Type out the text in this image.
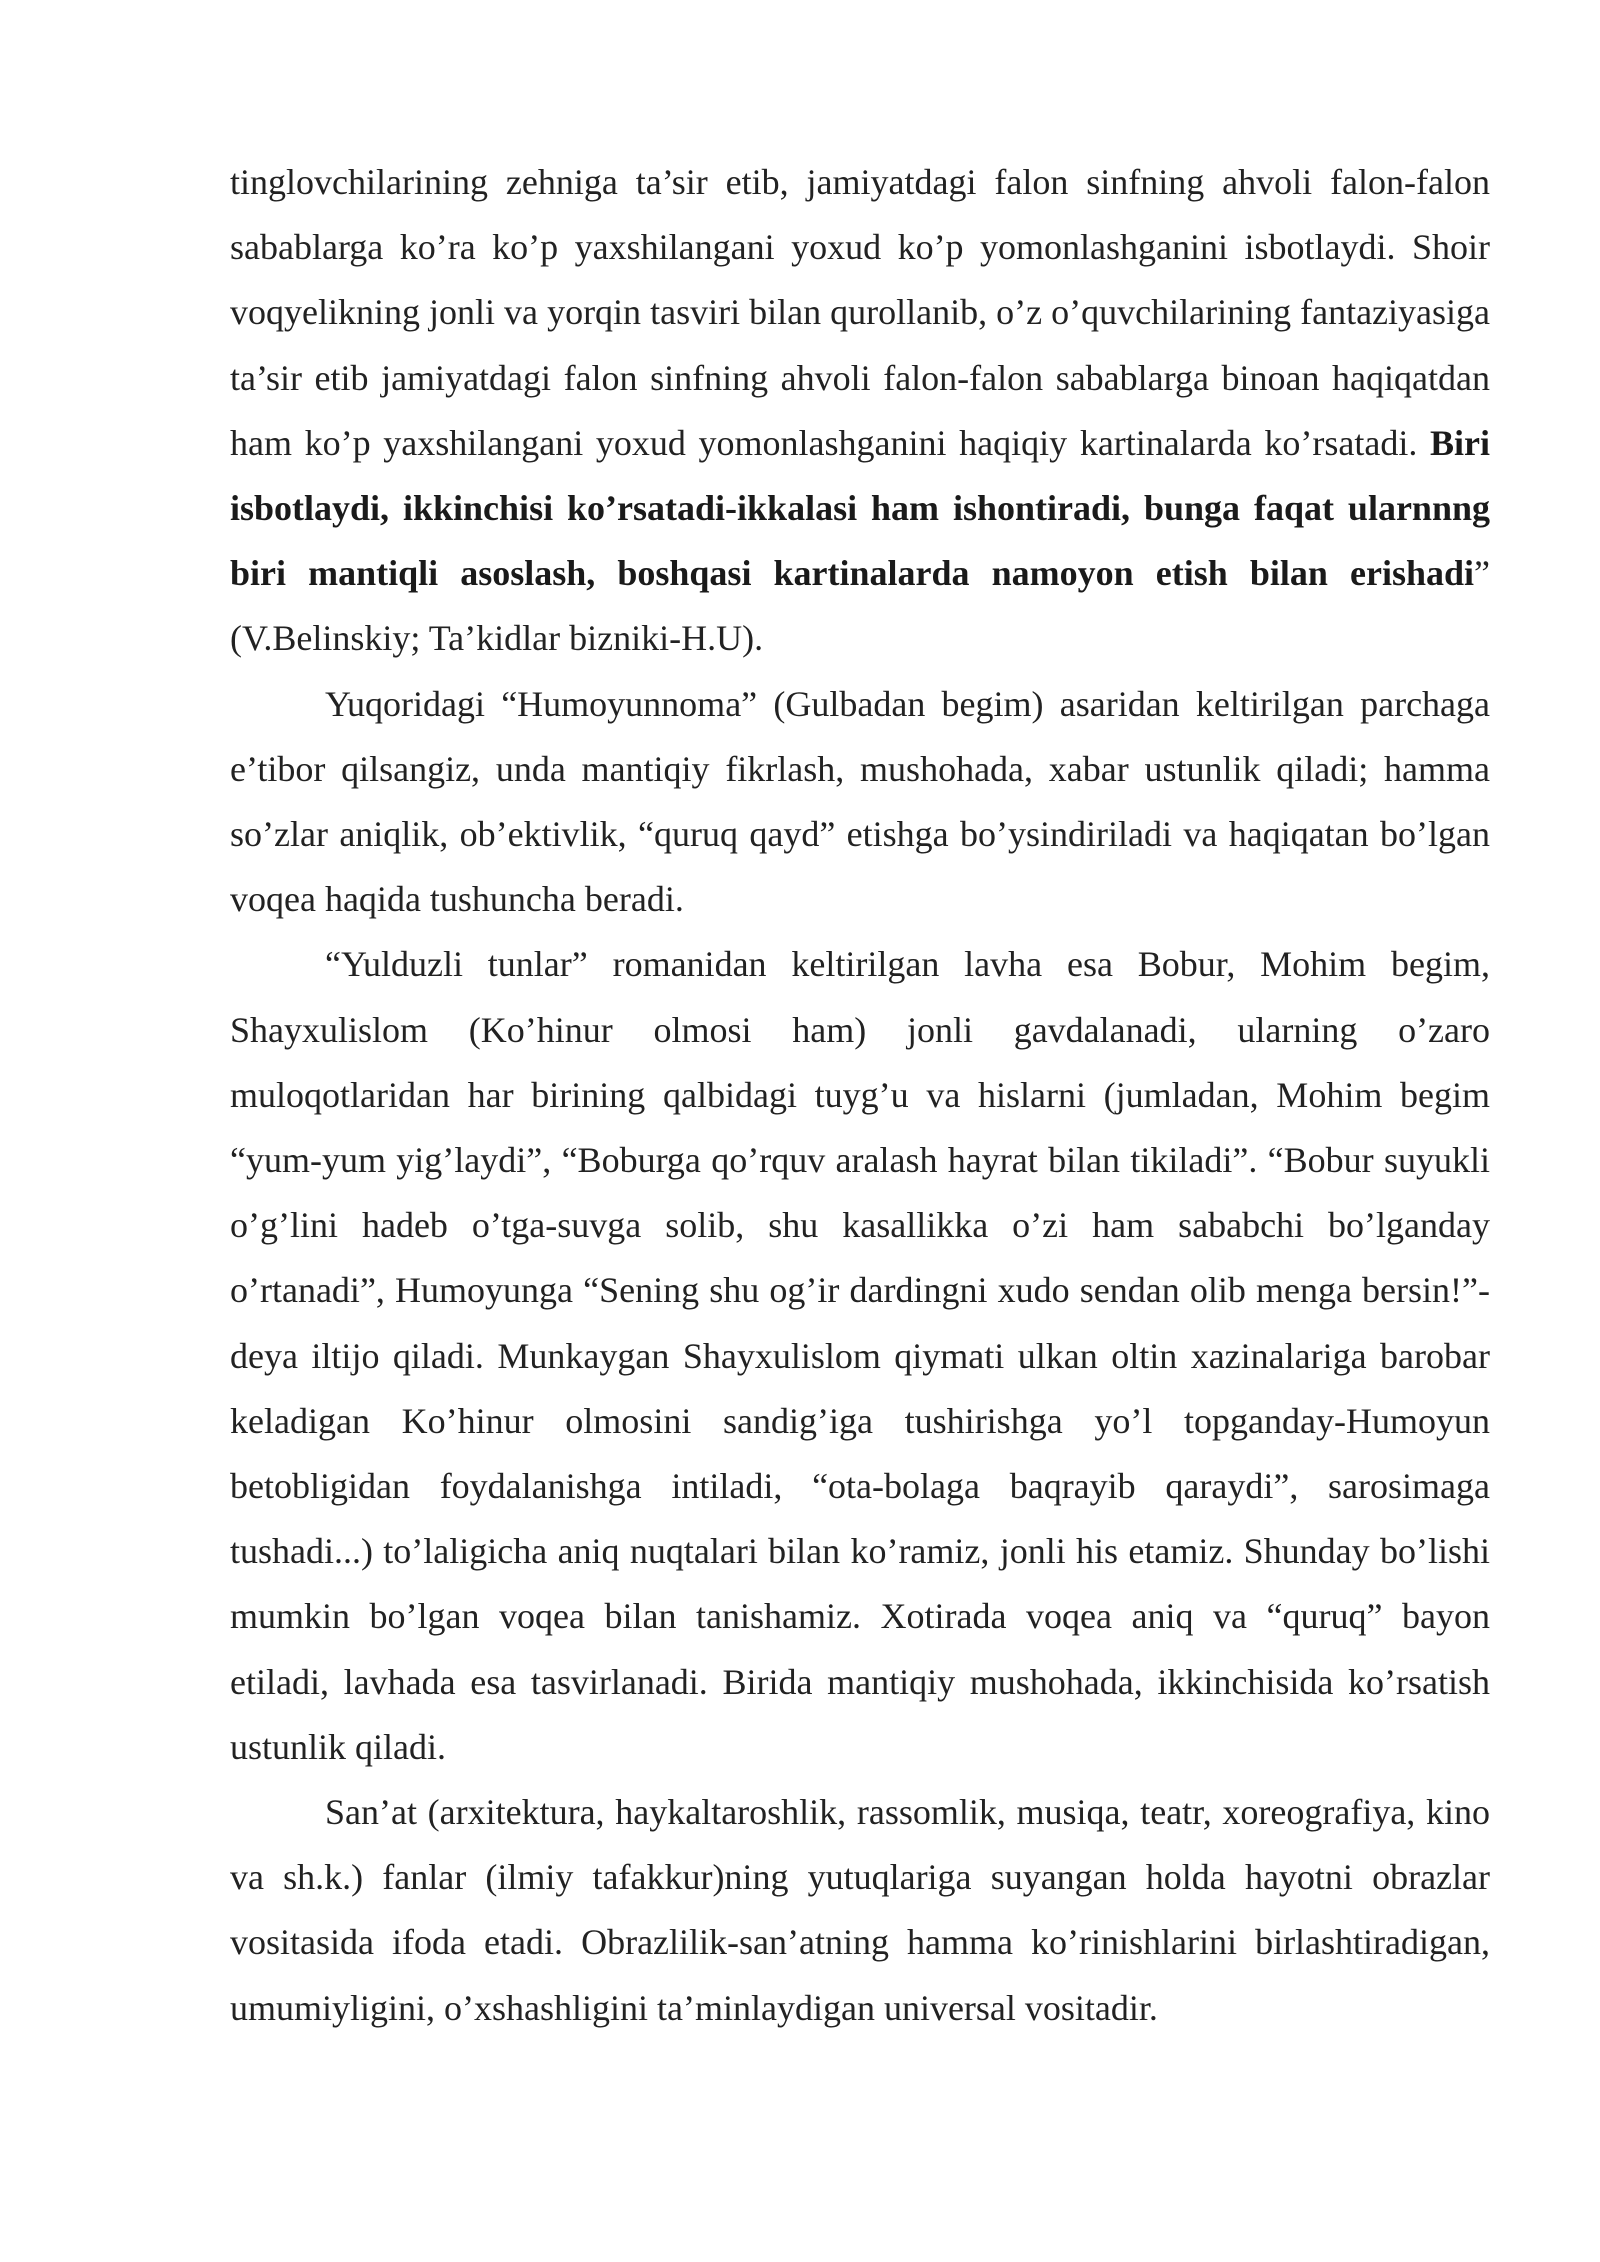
tinglovchilarining zehniga ta’sir etib, jamiyatdagi falon sinfning ahvoli falon-falon sabablarga ko’ra ko’p yaxshilangani yoxud ko’p yomonlashganini isbotlaydi. Shoir voqyelikning jonli va yorqin tasviri bilan qurollanib, o’z o’quvchilarining fantaziyasiga ta’sir etib jamiyatdagi falon sinfning ahvoli falon-falon sabablarga binoan haqiqatdan ham ko’p yaxshilangani yoxud yomonlashganini haqiqiy kartinalarda ko’rsatadi. Biri isbotlaydi, ikkinchisi ko’rsatadi-ikkalasi ham ishontiradi, bunga faqat ularnnng biri mantiqli asoslash, boshqasi kartinalarda namoyon etish bilan erishadi” (V.Belinskiy; Ta’kidlar bizniki-H.U).

Yuqoridagi “Humoyunnoma” (Gulbadan begim) asaridan keltirilgan parchaga e’tibor qilsangiz, unda mantiqiy fikrlash, mushohada, xabar ustunlik qiladi; hamma so’zlar aniqlik, ob’ektivlik, “quruq qayd” etishga bo’ysindiriladi va haqiqatan bo’lgan voqea haqida tushuncha beradi.

“Yulduzli tunlar” romanidan keltirilgan lavha esa Bobur, Mohim begim, Shayxulislom (Ko’hinur olmosi ham) jonli gavdalanadi, ularning o’zaro muloqotlaridan har birining qalbidagi tuyg’u va hislarni (jumladan, Mohim begim “yum-yum yig’laydi”, “Boburga qo’rquv aralash hayrat bilan tikiladi”. “Bobur suyukli o’g’lini hadeb o’tga-suvga solib, shu kasallikka o’zi ham sababchi bo’lganday o’rtanadi”, Humoyunga “Sening shu og’ir dardingni xudo sendan olib menga bersin!”-deya iltijo qiladi. Munkaygan Shayxulislom qiymati ulkan oltin xazinalariga barobar keladigan Ko’hinur olmosini sandig’iga tushirishga yo’l topganday-Humoyun betobligidan foydalanishga intiladi, “ota-bolaga baqrayib qaraydi”, sarosimaga tushadi...) to’laligicha aniq nuqtalari bilan ko’ramiz, jonli his etamiz. Shunday bo’lishi mumkin bo’lgan voqea bilan tanishamiz. Xotirada voqea aniq va “quruq” bayon etiladi, lavhada esa tasvirlanadi. Birida mantiqiy mushohada, ikkinchisida ko’rsatish ustunlik qiladi.

San’at (arxitektura, haykaltaroshlik, rassomlik, musiqa, teatr, xoreografiya, kino va sh.k.) fanlar (ilmiy tafakkur)ning yutuqlariga suyangan holda hayotni obrazlar vositasida ifoda etadi. Obrazlilik-san’atning hamma ko’rinishlarini birlashtiradigan, umumiyligini, o’xshashligini ta’minlaydigan universal vositadir.
